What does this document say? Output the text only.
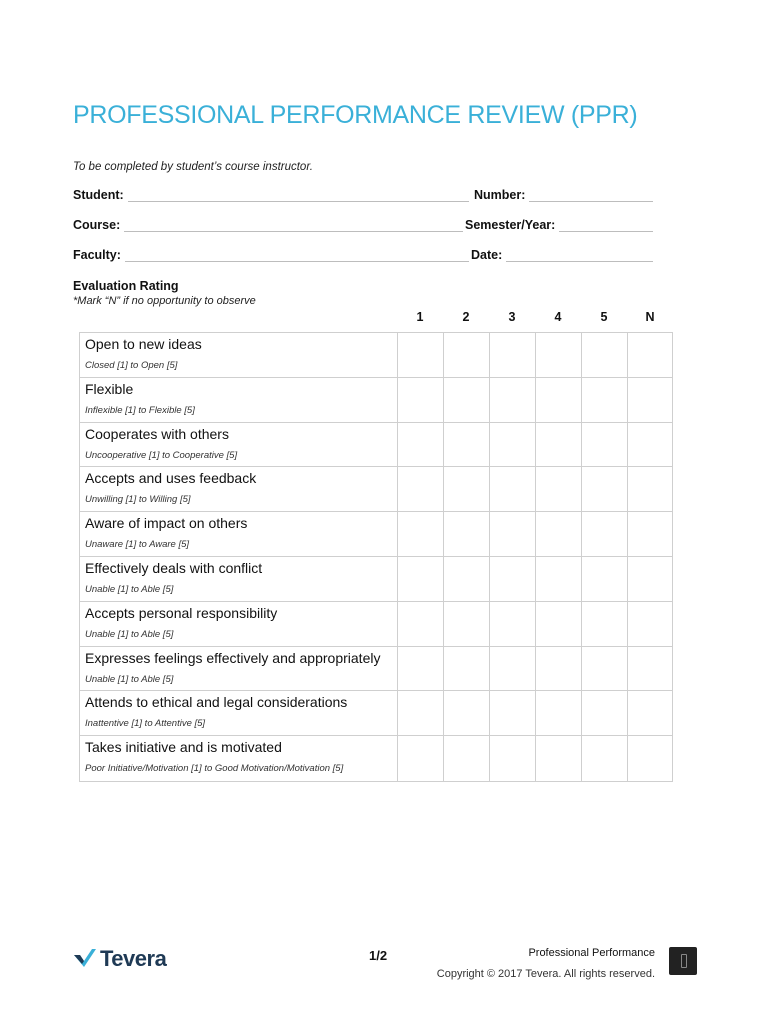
PROFESSIONAL PERFORMANCE REVIEW (PPR)
To be completed by student’s course instructor.
Student:	Number:
Course:	Semester/Year:
Faculty:	Date:
Evaluation Rating
*Mark “N” if no opportunity to observe
1	2	3	4	5	N
Open to new ideas
Closed [1] to Open [5]
Flexible
Inflexible [1] to Flexible [5]
Cooperates with others
Uncooperative [1] to Cooperative [5]
Accepts and uses feedback
Unwilling [1] to Willing [5]
Aware of impact on others
Unaware [1] to Aware [5]
Effectively deals with conflict
Unable [1] to Able [5]
Accepts personal responsibility
Unable [1] to Able [5]
Expresses feelings effectively and appropriately
Unable [1] to Able [5]
Attends to ethical and legal considerations
Inattentive [1] to Attentive [5]
Takes initiative and is motivated
Poor Initiative/Motivation [1] to Good Motivation/Motivation [5]
Tevera	1/2	Professional Performance
Copyright © 2017 Tevera. All rights reserved.
